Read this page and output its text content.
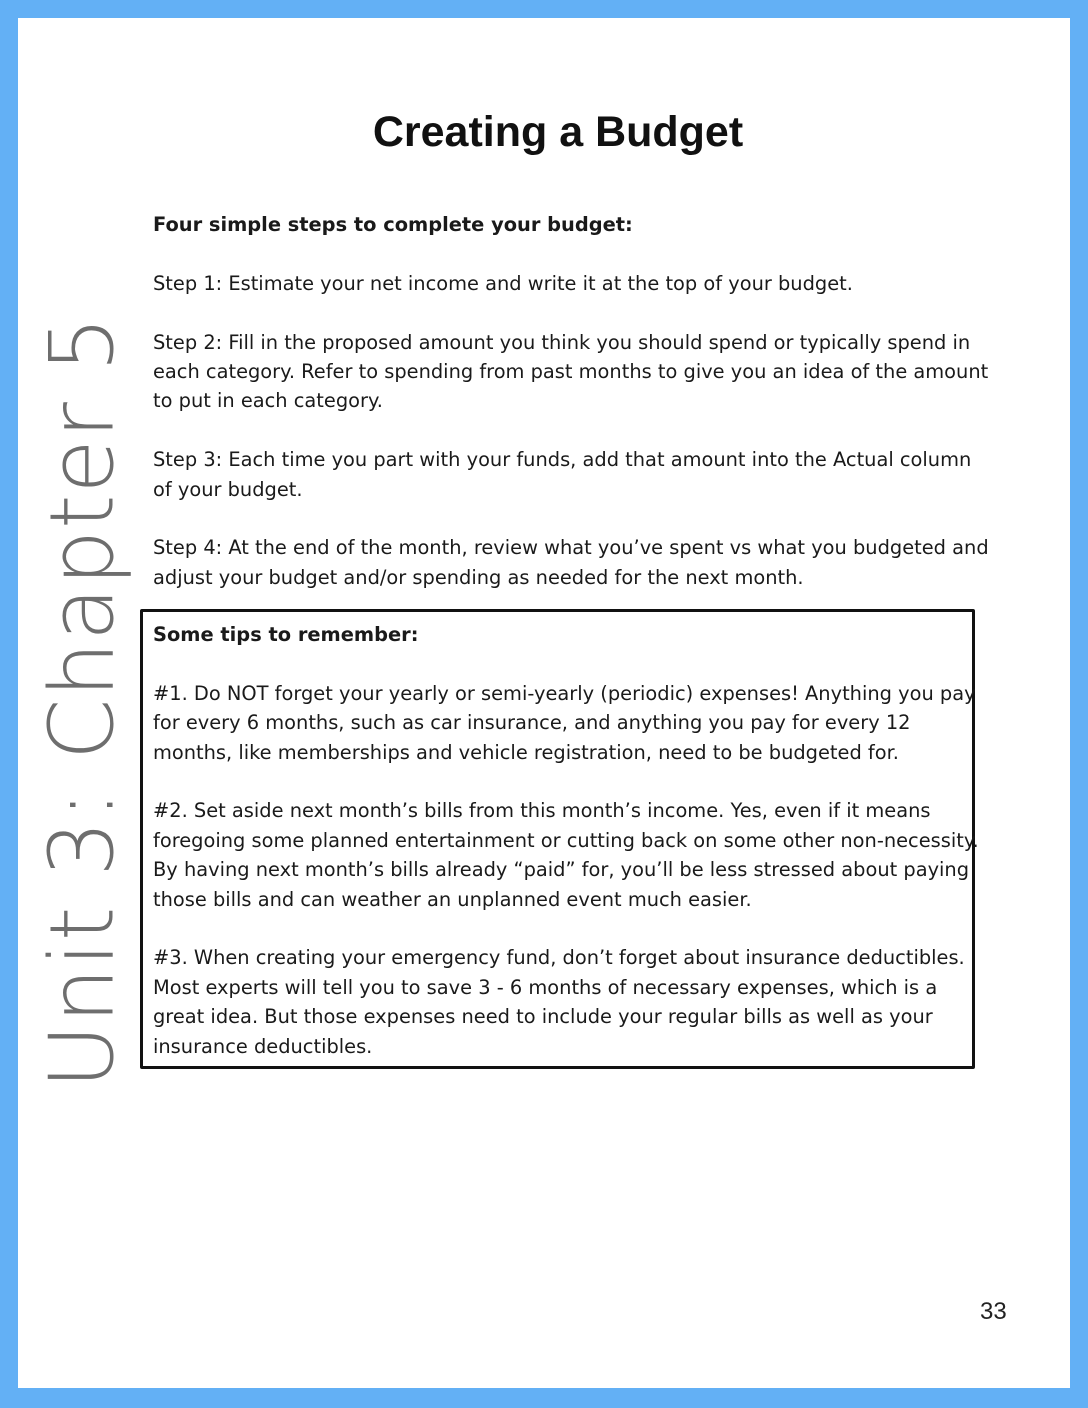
Unit 3: Chapter 5
Creating a Budget

Four simple steps to complete your budget:

Step 1: Estimate your net income and write it at the top of your budget.

Step 2: Fill in the proposed amount you think you should spend or typically spend in each category. Refer to spending from past months to give you an idea of the amount to put in each category.

Step 3: Each time you part with your funds, add that amount into the Actual column of your budget.

Step 4: At the end of the month, review what you’ve spent vs what you budgeted and adjust your budget and/or spending as needed for the next month.

Some tips to remember:

#1. Do NOT forget your yearly or semi-yearly (periodic) expenses! Anything you pay for every 6 months, such as car insurance, and anything you pay for every 12 months, like memberships and vehicle registration, need to be budgeted for.

#2. Set aside next month’s bills from this month’s income. Yes, even if it means foregoing some planned entertainment or cutting back on some other non-necessity. By having next month’s bills already “paid” for, you’ll be less stressed about paying those bills and can weather an unplanned event much easier.

#3. When creating your emergency fund, don’t forget about insurance deductibles. Most experts will tell you to save 3 - 6 months of necessary expenses, which is a great idea. But those expenses need to include your regular bills as well as your insurance deductibles.

33
